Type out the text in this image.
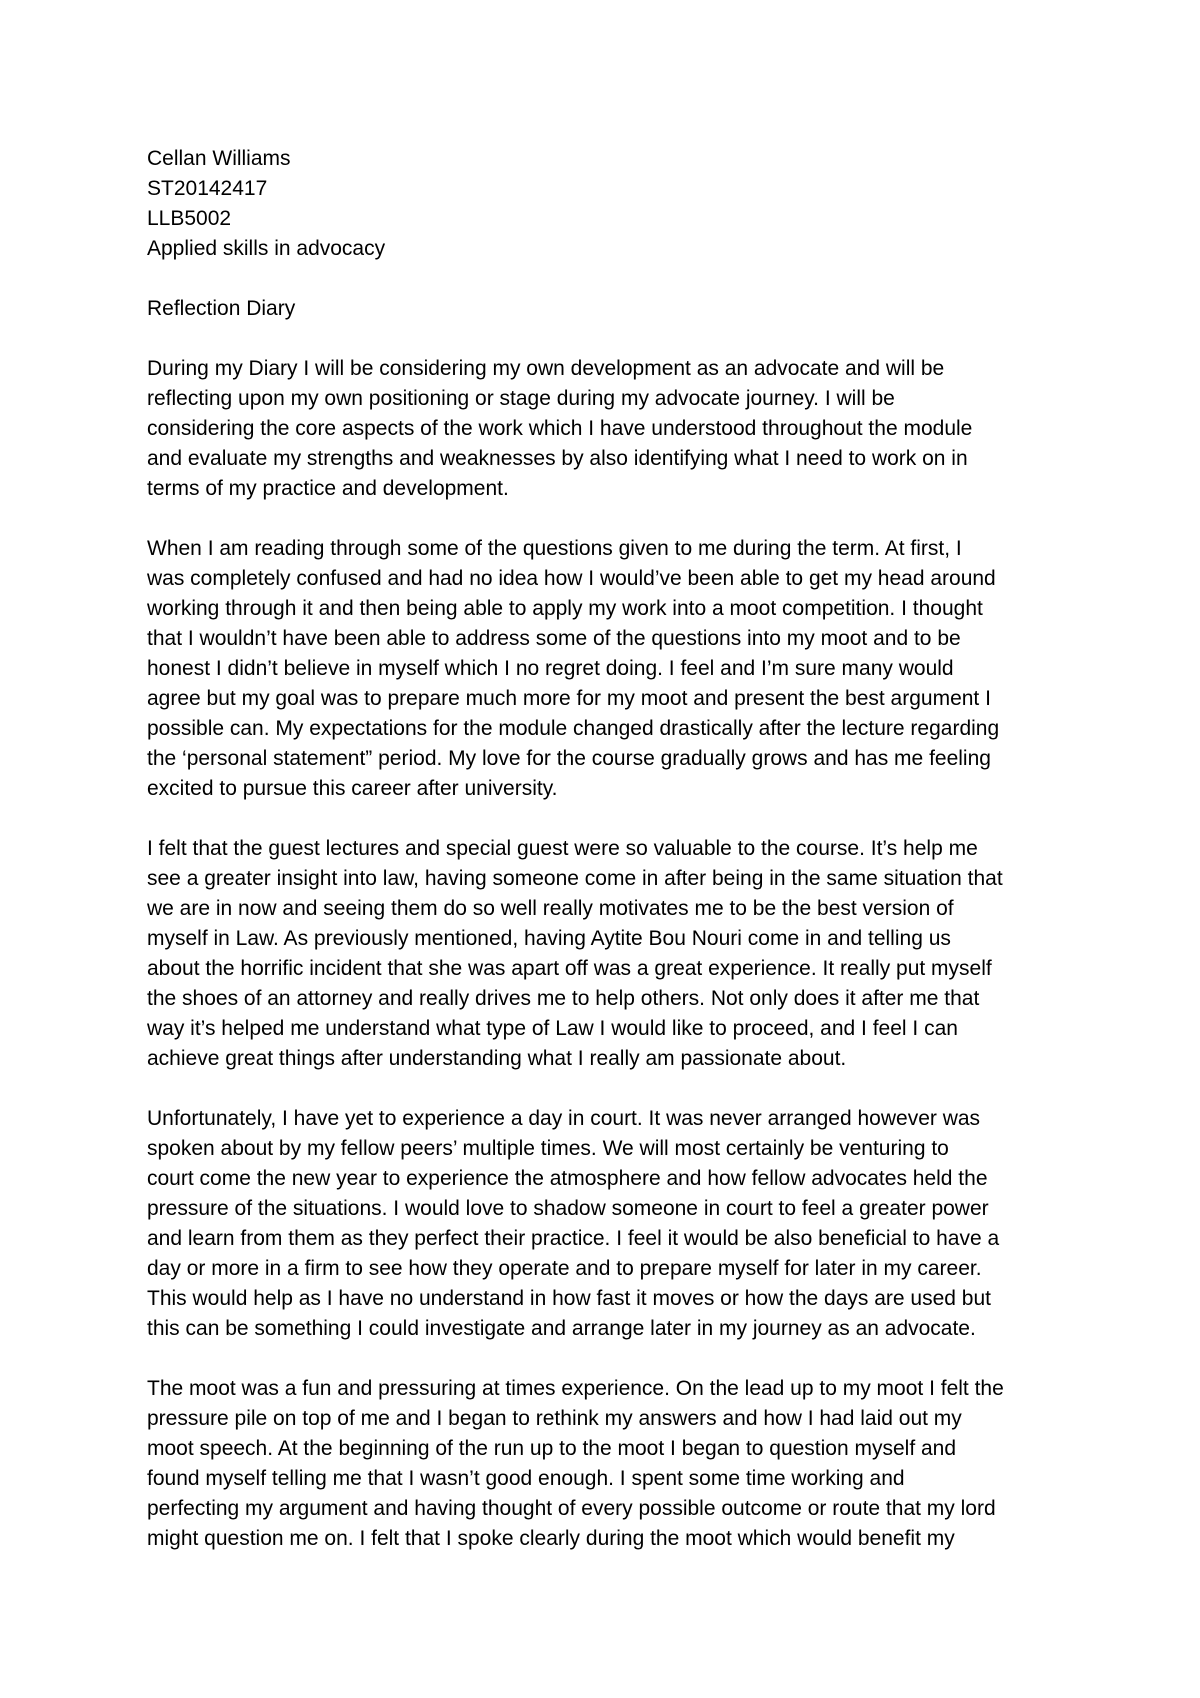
Cellan Williams
ST20142417
LLB5002
Applied skills in advocacy
Reflection Diary
During my Diary I will be considering my own development as an advocate and will be
reflecting upon my own positioning or stage during my advocate journey. I will be
considering the core aspects of the work which I have understood throughout the module
and evaluate my strengths and weaknesses by also identifying what I need to work on in
terms of my practice and development.
When I am reading through some of the questions given to me during the term. At first, I
was completely confused and had no idea how I would’ve been able to get my head around
working through it and then being able to apply my work into a moot competition. I thought
that I wouldn’t have been able to address some of the questions into my moot and to be
honest I didn’t believe in myself which I no regret doing. I feel and I’m sure many would
agree but my goal was to prepare much more for my moot and present the best argument I
possible can. My expectations for the module changed drastically after the lecture regarding
the ‘personal statement” period. My love for the course gradually grows and has me feeling
excited to pursue this career after university.
I felt that the guest lectures and special guest were so valuable to the course. It’s help me
see a greater insight into law, having someone come in after being in the same situation that
we are in now and seeing them do so well really motivates me to be the best version of
myself in Law. As previously mentioned, having Aytite Bou Nouri come in and telling us
about the horrific incident that she was apart off was a great experience. It really put myself
the shoes of an attorney and really drives me to help others. Not only does it after me that
way it’s helped me understand what type of Law I would like to proceed, and I feel I can
achieve great things after understanding what I really am passionate about.
Unfortunately, I have yet to experience a day in court. It was never arranged however was
spoken about by my fellow peers’ multiple times. We will most certainly be venturing to
court come the new year to experience the atmosphere and how fellow advocates held the
pressure of the situations. I would love to shadow someone in court to feel a greater power
and learn from them as they perfect their practice. I feel it would be also beneficial to have a
day or more in a firm to see how they operate and to prepare myself for later in my career.
This would help as I have no understand in how fast it moves or how the days are used but
this can be something I could investigate and arrange later in my journey as an advocate.
The moot was a fun and pressuring at times experience. On the lead up to my moot I felt the
pressure pile on top of me and I began to rethink my answers and how I had laid out my
moot speech. At the beginning of the run up to the moot I began to question myself and
found myself telling me that I wasn’t good enough. I spent some time working and
perfecting my argument and having thought of every possible outcome or route that my lord
might question me on. I felt that I spoke clearly during the moot which would benefit my
